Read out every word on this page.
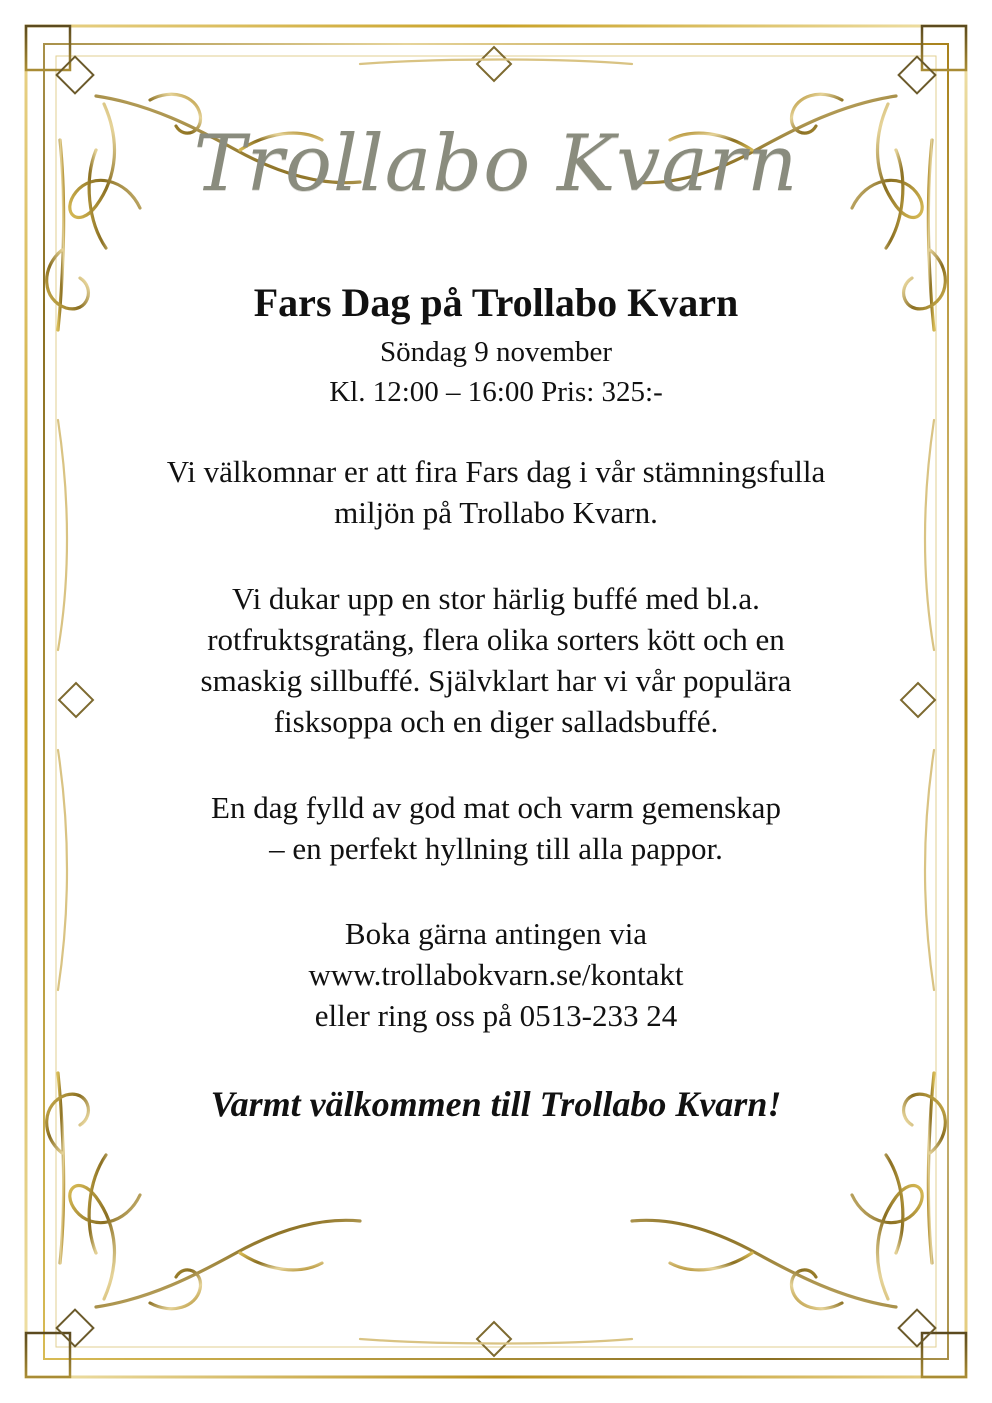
Trollabo Kvarn
Fars Dag på Trollabo Kvarn
Söndag 9 november
Kl. 12:00 – 16:00 Pris: 325:-

Vi välkomnar er att fira Fars dag i vår stämningsfulla
miljön på Trollabo Kvarn.

Vi dukar upp en stor härlig buffé med bl.a.
rotfruktsgratäng, flera olika sorters kött och en
smaskig sillbuffé. Självklart har vi vår populära
fisksoppa och en diger salladsbuffé.

En dag fylld av god mat och varm gemenskap
– en perfekt hyllning till alla pappor.

Boka gärna antingen via
www.trollabokvarn.se/kontakt
eller ring oss på 0513-233 24

Varmt välkommen till Trollabo Kvarn!
